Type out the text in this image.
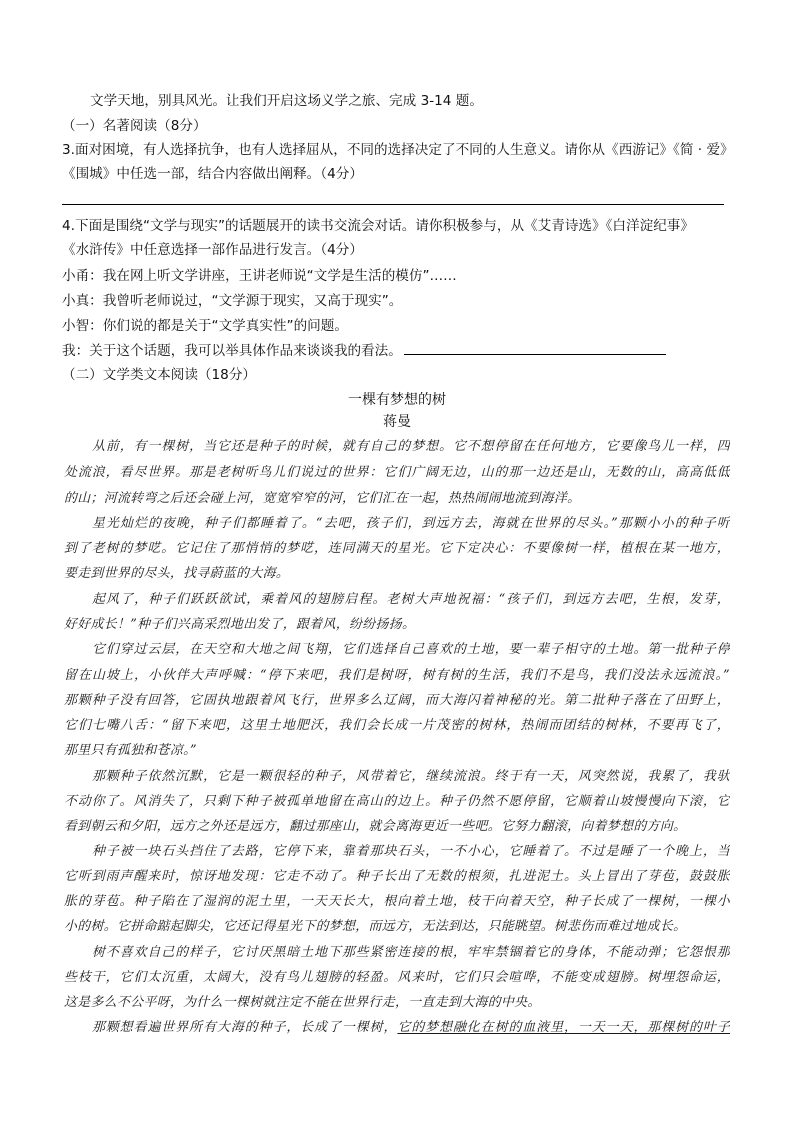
文学天地，别具风光。让我们开启这场义学之旅、完成 3-14 题。
（一）名著阅读（8分）
3.面对困境，有人选择抗争，也有人选择屈从，不同的选择决定了不同的人生意义。请你从《西游记》《简 · 爱》
《围城》中任选一部，结合内容做出阐释。（4分）
4.下面是围绕“文学与现实”的话题展开的读书交流会对话。请你积极参与，从《艾青诗选》《白洋淀纪事》
《水浒传》中任意选择一部作品进行发言。（4分）
小甬：我在网上听文学讲座，王讲老师说“文学是生活的模仿”……
小真：我曾听老师说过，“文学源于现实，又高于现实”。
小智：你们说的都是关于“文学真实性”的问题。
我：关于这个话题，我可以举具体作品来谈谈我的看法。
（二）文学类文本阅读（18分）
一棵有梦想的树
蒋曼
从前，有一棵树，当它还是种子的时候，就有自己的梦想。它不想停留在任何地方，它要像鸟儿一样，四
处流浪，看尽世界。那是老树听鸟儿们说过的世界：它们广阔无边，山的那一边还是山，无数的山，高高低低
的山；河流转弯之后还会碰上河，宽宽窄窄的河，它们汇在一起，热热闹闹地流到海洋。
星光灿烂的夜晚，种子们都睡着了。“去吧，孩子们，到远方去，海就在世界的尽头。”那颗小小的种子听
到了老树的梦呓。它记住了那悄悄的梦呓，连同满天的星光。它下定决心：不要像树一样，植根在某一地方，
要走到世界的尽头，找寻蔚蓝的大海。
起风了，种子们跃跃欲试，乘着风的翅膀启程。老树大声地祝福：“孩子们，到远方去吧，生根，发芽，
好好成长！”种子们兴高采烈地出发了，跟着风，纷纷扬扬。
它们穿过云层，在天空和大地之间飞翔，它们选择自己喜欢的土地，要一辈子相守的土地。第一批种子停
留在山坡上，小伙伴大声呼喊：“停下来吧，我们是树呀，树有树的生活，我们不是鸟，我们没法永远流浪。”
那颗种子没有回答，它固执地跟着风飞行，世界多么辽阔，而大海闪着神秘的光。第二批种子落在了田野上，
它们七嘴八舌：“留下来吧，这里土地肥沃，我们会长成一片茂密的树林，热闹而团结的树林，不要再飞了，
那里只有孤独和苍凉。”
那颗种子依然沉默，它是一颗很轻的种子，风带着它，继续流浪。终于有一天，风突然说，我累了，我驮
不动你了。风消失了，只剩下种子被孤单地留在高山的边上。种子仍然不愿停留，它顺着山坡慢慢向下滚，它
看到朝云和夕阳，远方之外还是远方，翻过那座山，就会离海更近一些吧。它努力翻滚，向着梦想的方向。
种子被一块石头挡住了去路，它停下来，靠着那块石头，一不小心，它睡着了。不过是睡了一个晚上，当
它听到雨声醒来时，惊讶地发现：它走不动了。种子长出了无数的根须，扎进泥土。头上冒出了芽苞，鼓鼓胀
胀的芽苞。种子陷在了湿润的泥土里，一天天长大，根向着土地，枝干向着天空，种子长成了一棵树，一棵小
小的树。它拼命踮起脚尖，它还记得星光下的梦想，而远方，无法到达，只能眺望。树悲伤而难过地成长。
树不喜欢自己的样子，它讨厌黑暗土地下那些紧密连接的根，牢牢禁锢着它的身体，不能动弹；它怨恨那
些枝干，它们太沉重，太阔大，没有鸟儿翅膀的轻盈。风来时，它们只会喧哗，不能变成翅膀。树埋怨命运，
这是多么不公平呀，为什么一棵树就注定不能在世界行走，一直走到大海的中央。
那颗想看遍世界所有大海的种子，长成了一棵树，它的梦想融化在树的血液里，一天一天，那棵树的叶子
